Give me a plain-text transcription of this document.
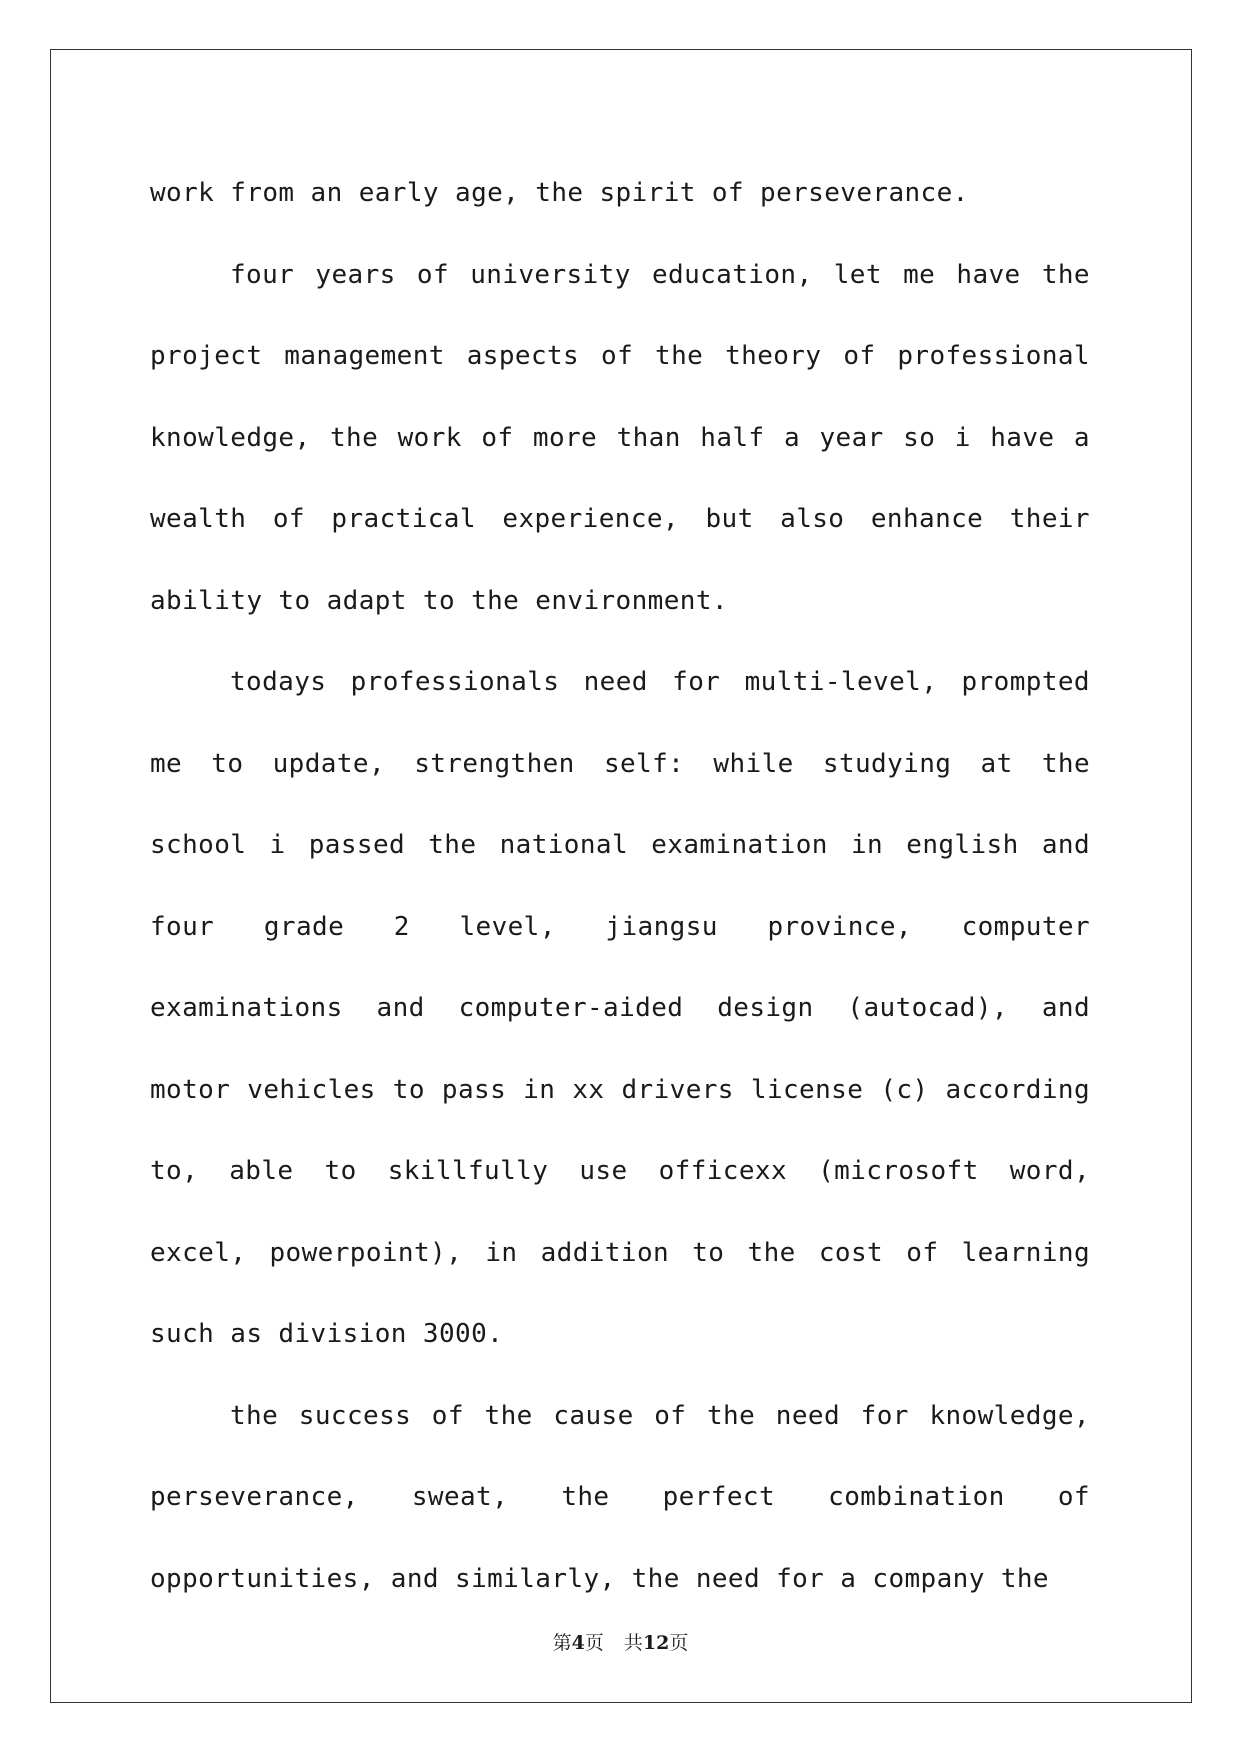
work from an early age, the spirit of perseverance.

four years of university education, let me have the project management aspects of the theory of professional knowledge, the work of more than half a year so i have a wealth of practical experience, but also enhance their ability to adapt to the environment.

todays professionals need for multi-level, prompted me to update, strengthen self: while studying at the school i passed the national examination in english and four grade 2 level, jiangsu province, computer examinations and computer-aided design (autocad), and motor vehicles to pass in xx drivers license (c) according to, able to skillfully use officexx (microsoft word, excel, powerpoint), in addition to the cost of learning such as division 3000.

the success of the cause of the need for knowledge, perseverance, sweat, the perfect combination of opportunities, and similarly, the need for a company the

第4页 共12页
